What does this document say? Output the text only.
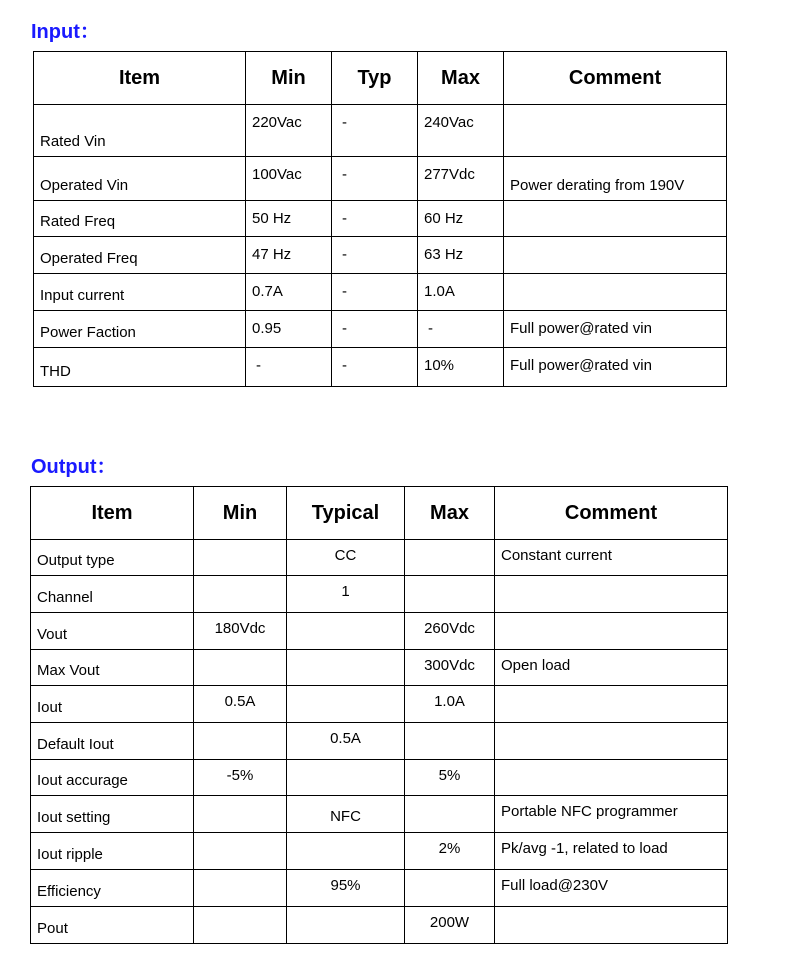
Input：
Item	Min	Typ	Max	Comment
Rated Vin	220Vac	-	240Vac	
Operated Vin	100Vac	-	277Vdc	Power derating from 190V
Rated Freq	50 Hz	-	60 Hz	
Operated Freq	47 Hz	-	63 Hz	
Input current	0.7A	-	1.0A	
Power Faction	0.95	-	-	Full power@rated vin
THD	-	-	10%	Full power@rated vin
Output：
Item	Min	Typical	Max	Comment
Output type		CC		Constant current
Channel		1		
Vout	180Vdc		260Vdc	
Max Vout			300Vdc	Open load
Iout	0.5A		1.0A	
Default Iout		0.5A		
Iout accurage	-5%		5%	
Iout setting		NFC		Portable NFC programmer
Iout ripple			2%	Pk/avg -1, related to load
Efficiency		95%		Full load@230V
Pout			200W	
